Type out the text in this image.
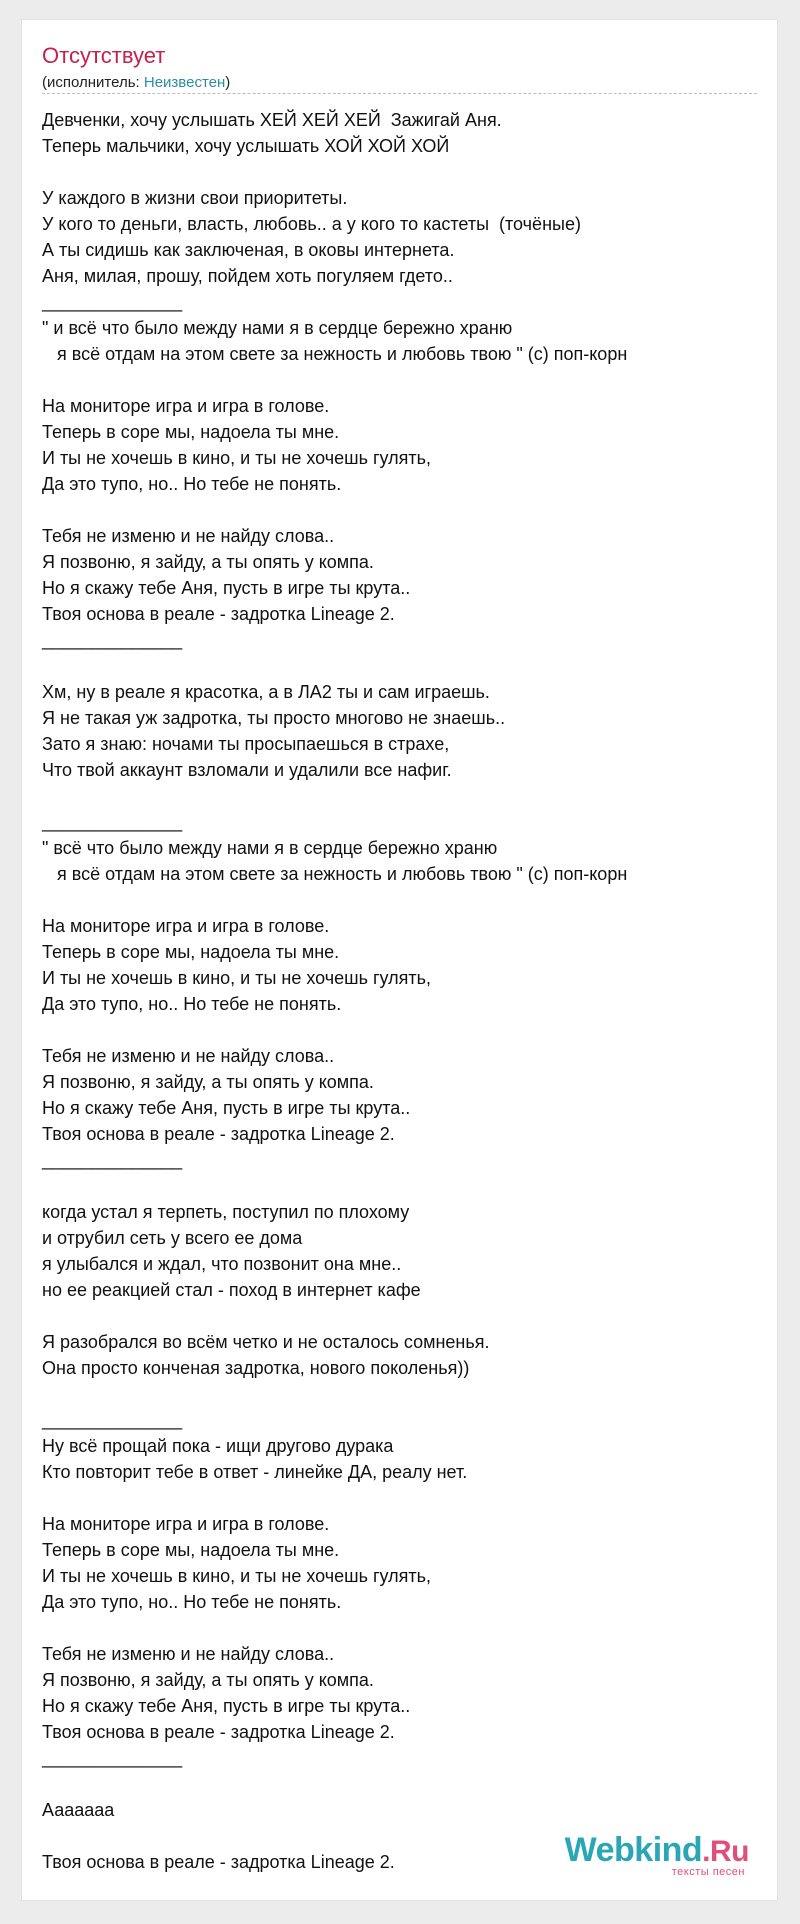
Отсутствует
(исполнитель: Неизвестен)
Девченки, хочу услышать ХЕЙ ХЕЙ ХЕЙ  Зажигай Аня.
Теперь мальчики, хочу услышать ХОЙ ХОЙ ХОЙ

У каждого в жизни свои приоритеты.
У кого то деньги, власть, любовь.. а у кого то кастеты  (точёные)
А ты сидишь как заключеная, в оковы интернета.
Аня, милая, прошу, пойдем хоть погуляем гдето..
______________
" и всё что было между нами я в сердце бережно храню
я всё отдам на этом свете за нежность и любовь твою " (с) поп-корн

На мониторе игра и игра в голове.
Теперь в соре мы, надоела ты мне.
И ты не хочешь в кино, и ты не хочешь гулять,
Да это тупо, но.. Но тебе не понять.

Тебя не изменю и не найду слова..
Я позвоню, я зайду, а ты опять у компа.
Но я скажу тебе Аня, пусть в игре ты крута..
Твоя основа в реале - задротка Lineage 2.
______________

Хм, ну в реале я красотка, а в ЛА2 ты и сам играешь.
Я не такая уж задротка, ты просто многово не знаешь..
Зато я знаю: ночами ты просыпаешься в страхе,
Что твой аккаунт взломали и удалили все нафиг.

______________
" всё что было между нами я в сердце бережно храню
я всё отдам на этом свете за нежность и любовь твою " (с) поп-корн

На мониторе игра и игра в голове.
Теперь в соре мы, надоела ты мне.
И ты не хочешь в кино, и ты не хочешь гулять,
Да это тупо, но.. Но тебе не понять.

Тебя не изменю и не найду слова..
Я позвоню, я зайду, а ты опять у компа.
Но я скажу тебе Аня, пусть в игре ты крута..
Твоя основа в реале - задротка Lineage 2.
______________

когда устал я терпеть, поступил по плохому
и отрубил сеть у всего ее дома
я улыбался и ждал, что позвонит она мне..
но ее реакцией стал - поход в интернет кафе

Я разобрался во всём четко и не осталось сомненья.
Она просто конченая задротка, нового поколенья))

______________
Ну всё прощай пока - ищи другово дурака
Кто повторит тебе в ответ - линейке ДА, реалу нет.

На мониторе игра и игра в голове.
Теперь в соре мы, надоела ты мне.
И ты не хочешь в кино, и ты не хочешь гулять,
Да это тупо, но.. Но тебе не понять.

Тебя не изменю и не найду слова..
Я позвоню, я зайду, а ты опять у компа.
Но я скажу тебе Аня, пусть в игре ты крута..
Твоя основа в реале - задротка Lineage 2.
______________

Ааааааа

Твоя основа в реале - задротка Lineage 2.	Webkind.Ru
тексты песен
